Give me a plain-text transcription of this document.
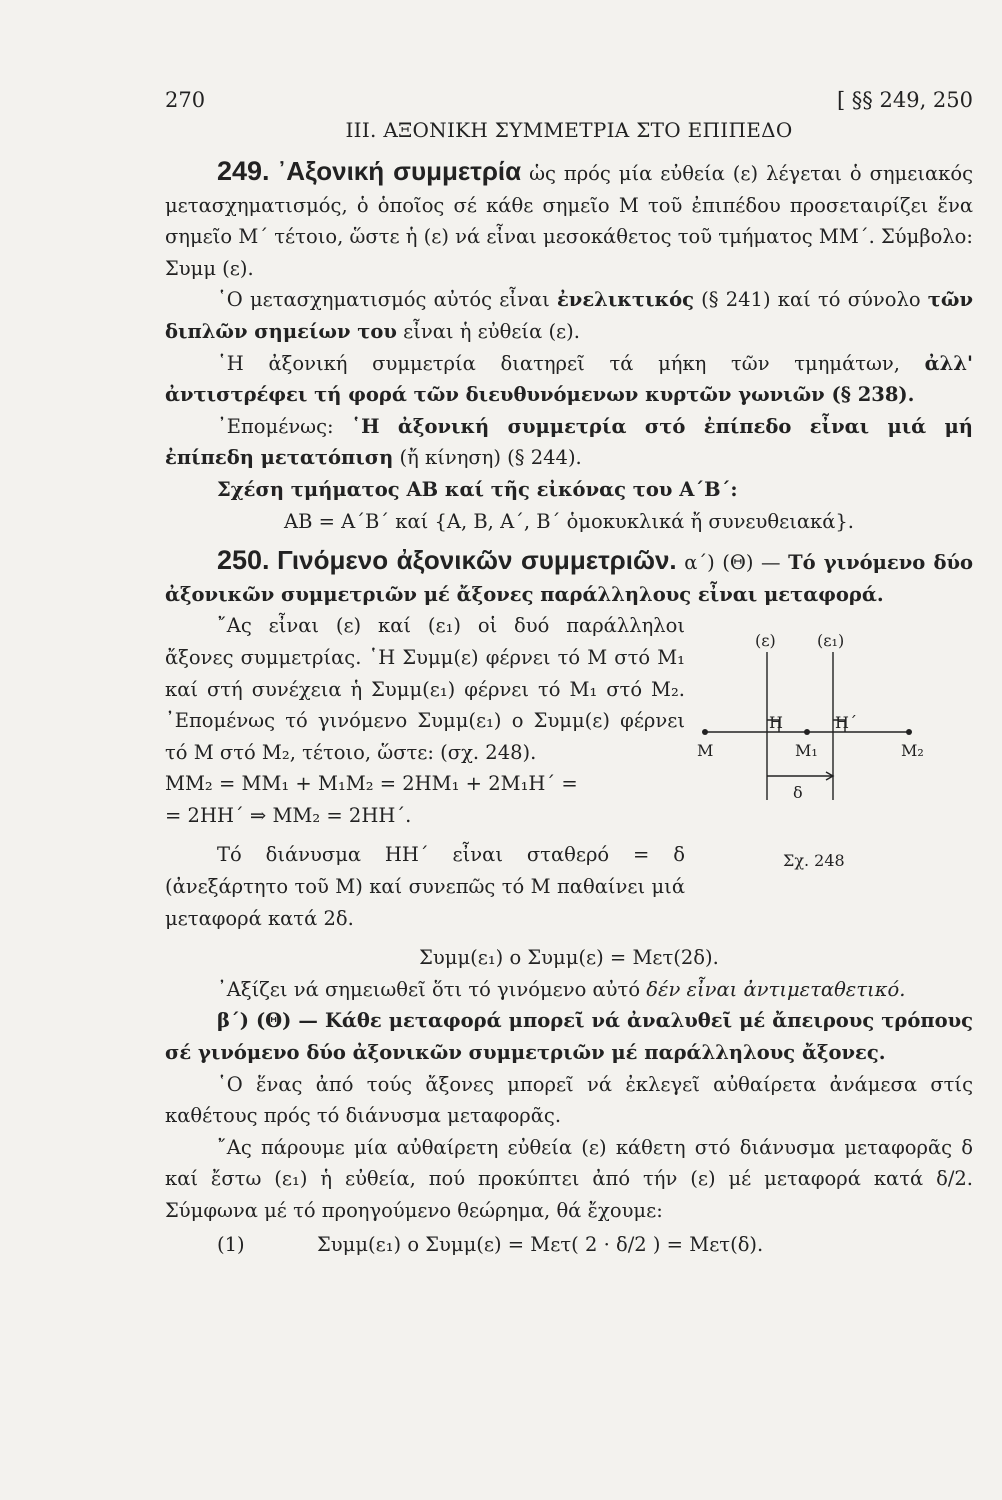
270	[ §§ 249, 250
III. ΑΞΟΝΙΚΗ ΣΥΜΜΕΤΡΙΑ ΣΤΟ ΕΠΙΠΕΔΟ

249. ᾿Αξονική συμμετρία ὡς πρός μία εὐθεία (ε) λέγεται ὁ σημειακός μετασχηματισμός, ὁ ὁποῖος σέ κάθε σημεῖο Μ τοῦ ἐπιπέδου προσεταιρίζει ἕνα σημεῖο Μ΄ τέτοιο, ὥστε ἡ (ε) νά εἶναι μεσοκάθετος τοῦ τμήματος ΜΜ΄. Σύμβολο: Συμμ (ε).

῾Ο μετασχηματισμός αὐτός εἶναι ἐνελικτικός (§ 241) καί τό σύνολο τῶν διπλῶν σημείων του εἶναι ἡ εὐθεία (ε).

῾Η ἀξονική συμμετρία διατηρεῖ τά μήκη τῶν τμημάτων, ἀλλ' ἀντιστρέφει τή φορά τῶν διευθυνόμενων κυρτῶν γωνιῶν (§ 238).

᾿Επομένως: ῾Η ἀξονική συμμετρία στό ἐπίπεδο εἶναι μιά μή ἐπίπεδη μετατόπιση (ἤ κίνηση) (§ 244).

Σχέση τμήματος ΑΒ καί τῆς εἰκόνας του Α΄Β΄:

ΑΒ = Α΄Β΄ καί {Α, Β, Α΄, Β΄ ὁμοκυκλικά ἤ συνευθειακά}.

250. Γινόμενο ἀξονικῶν συμμετριῶν. α΄) (Θ) — Τό γινόμενο δύο ἀξονικῶν συμμετριῶν μέ ἄξονες παράλληλους εἶναι μεταφορά.

῎Ας εἶναι (ε) καί (ε₁) οἱ δυό παράλληλοι ἄξονες συμμετρίας. ῾Η Συμμ(ε) φέρνει τό Μ στό Μ₁ καί στή συνέχεια ἡ Συμμ(ε₁) φέρνει τό Μ₁ στό Μ₂. ᾿Επομένως τό γινόμενο Συμμ(ε₁) ο Συμμ(ε) φέρνει τό Μ στό Μ₂, τέτοιο, ὥστε: (σχ. 248).

ΜΜ₂ = ΜΜ₁ + Μ₁Μ₂ = 2ΗΜ₁ + 2Μ₁Η΄ =

= 2ΗΗ΄ ⇒ ΜΜ₂ = 2ΗΗ΄.

Τό διάνυσμα ΗΗ΄ εἶναι σταθερό = δ (ἀνεξάρτητο τοῦ Μ) καί συνεπῶς τό Μ παθαίνει μιά μεταφορά κατά 2δ.

(ε)	(ε₁)
Η	Η΄
Μ	Μ₁	Μ₂
δ
Σχ. 248

Συμμ(ε₁) ο Συμμ(ε) = Μετ(2δ).

᾿Αξίζει νά σημειωθεῖ ὅτι τό γινόμενο αὐτό δέν εἶναι ἀντιμεταθετικό.

β΄) (Θ) — Κάθε μεταφορά μπορεῖ νά ἀναλυθεῖ μέ ἄπειρους τρόπους σέ γινόμενο δύο ἀξονικῶν συμμετριῶν μέ παράλληλους ἄξονες.

῾Ο ἕνας ἀπό τούς ἄξονες μπορεῖ νά ἐκλεγεῖ αὐθαίρετα ἀνάμεσα στίς καθέτους πρός τό διάνυσμα μεταφορᾶς.

῎Ας πάρουμε μία αὐθαίρετη εὐθεία (ε) κάθετη στό διάνυσμα μεταφορᾶς δ καί ἔστω (ε₁) ἡ εὐθεία, πού προκύπτει ἀπό τήν (ε) μέ μεταφορά κατά δ/2. Σύμφωνα μέ τό προηγούμενο θεώρημα, θά ἔχουμε:

(1)	Συμμ(ε₁) ο Συμμ(ε) = Μετ( 2 · δ/2 ) = Μετ(δ).
